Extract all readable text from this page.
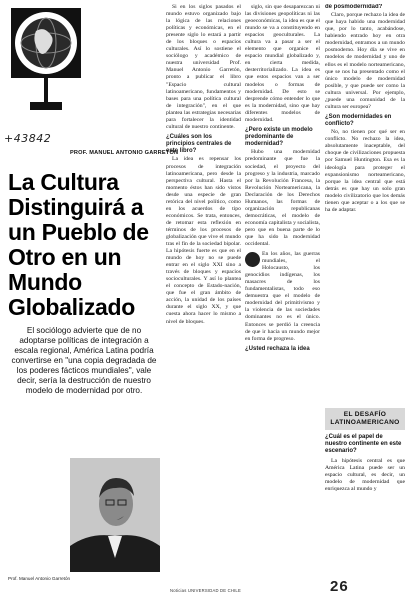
+43842
PROF. MANUEL ANTONIO GARRETÓN
La Cultura Distinguirá a un Pueblo de Otro en un Mundo Globalizado
El sociólogo advierte que de no adoptarse políticas de integración a escala regional, América Latina podría convertirse en "una copia degradada de los poderes fácticos mundiales", vale decir, sería la destrucción de nuestro modelo de modernidad por otro.
Prof. Manuel Antonio Garretón

Si en los siglos pasados el mundo estuvo organizado bajo la lógica de las relaciones políticas y económicas, en el presente siglo lo estará a partir de los bloques o espacios culturales. Así lo sostiene el sociólogo y académico de nuestra universidad Prof. Manuel Antonio Garretón, pronto a publicar el libro "Espacio cultural latinoamericano, fundamentos y bases para una política cultural de integración", en el que plantea las estrategias necesarias para fortalecer la identidad cultural de nuestro continente.

¿Cuáles son los principios centrales de este libro?

La idea es repensar los procesos de integración latinoamericana, pero desde la perspectiva cultural. Hasta el momento éstos han sido vistos desde una especie de gran retórica del nivel político, como en los acuerdos de tipo económicos. Se trata, entonces, de retomar esta reflexión en términos de los procesos de globalización que vive el mundo tras el fin de la sociedad bipolar. La hipótesis fuerte es que en el mundo de hoy no se puede entrar en el siglo XXI sino a través de bloques y espacios socioculturales. Y así lo plantea el concepto de Estado-nación, que fue el gran ámbito de acción, la unidad de los países durante el siglo XX, y que cuesta ahora hacer lo mismo a nivel de bloques.

siglo, sin que desaparezcan ni las divisiones geopolíticas ni las geoeconómicas, la idea es que el mundo se va a constituyendo en espacios geoculturales. La cultura va a pasar a ser el elemento que organice el espacio mundial globalizado y, en cierta medida, desterritorializado. La idea es que estos espacios van a ser modelos o formas de modernidad. De esto se desprende cómo entender lo que es la modernidad, sino que hay diferentes modelos de modernidad.

¿Pero existe un modelo predominante de modernidad?

Hubo una modernidad predominante que fue la sociedad, el proyecto del progreso y la industria, marcado por la Revolución Francesa, la Revolución Norteamericana, la Declaración de los Derechos Humanos, las formas de organización republicanas democráticas, el modelo de economía capitalista y socialista, pero que en buena parte de lo que ha sido la modernidad occidental.

En los años, las guerras mundiales, el Holocausto, los genocidios indígenas, los masacres de los fundamentalistas, todo eso demuestra que el modelo de modernidad del primitivismo y la violencia de las sociedades dominantes no es el único. Entonces se perdió la creencia de que ir hacia un mundo mejor en forma de progreso.

¿Usted rechaza la idea
de posmodernidad?

Claro, porque rechazo la idea de que haya habido una modernidad que, por lo tanto, acabándose, habiendo entrado hoy en otra modernidad, entramos a un mundo posmoderno. Hoy día se vive en modelos de modernidad y uno de ellos es el modelo norteamericano, que se nos ha presentado como el único modelo de modernidad posible, y que puede ser como la cultura universal. Por ejemplo, ¿puede una comunidad de la cultura ser europea?

¿Son modernidades en conflicto?

No, no tienen por qué ser en conflicto. No rechazo la idea, absolutamente inaceptable, del choque de civilizaciones propuesta por Samuel Huntington. Esa es la ideología para proteger el expansionismo norteamericano, porque la idea central que está detrás es que hay un solo gran modelo civilizatorio que los demás tienen que aceptar o a los que se ha de adaptar.

EL DESAFÍO LATINOAMERICANO
¿Cuál es el papel de nuestro continente en este escenario?

La hipótesis central es que América Latina puede ser un espacio cultural, es decir, un modelo de modernidad que enriquezca al mundo y

Noticias UNIVERSIDAD DE CHILE	26
